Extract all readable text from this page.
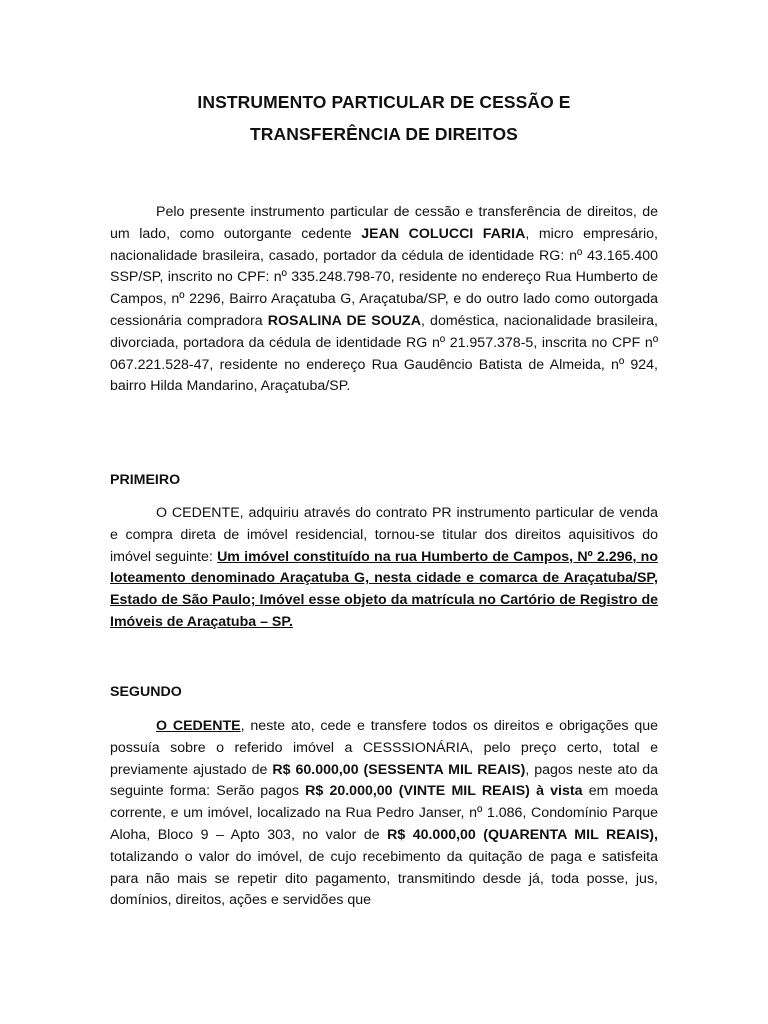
INSTRUMENTO PARTICULAR DE CESSÃO E
TRANSFERÊNCIA DE DIREITOS

Pelo presente instrumento particular de cessão e transferência de direitos, de um lado, como outorgante cedente JEAN COLUCCI FARIA, micro empresário, nacionalidade brasileira, casado, portador da cédula de identidade RG: nº 43.165.400 SSP/SP, inscrito no CPF: nº 335.248.798-70, residente no endereço Rua Humberto de Campos, nº 2296, Bairro Araçatuba G, Araçatuba/SP, e do outro lado como outorgada cessionária compradora ROSALINA DE SOUZA, doméstica, nacionalidade brasileira, divorciada, portadora da cédula de identidade RG nº 21.957.378-5, inscrita no CPF nº 067.221.528-47, residente no endereço Rua Gaudêncio Batista de Almeida, nº 924, bairro Hilda Mandarino, Araçatuba/SP.

PRIMEIRO

O CEDENTE, adquiriu através do contrato PR instrumento particular de venda e compra direta de imóvel residencial, tornou-se titular dos direitos aquisitivos do imóvel seguinte: Um imóvel constituído na rua Humberto de Campos, Nº 2.296, no loteamento denominado Araçatuba G, nesta cidade e comarca de Araçatuba/SP, Estado de São Paulo; Imóvel esse objeto da matrícula no Cartório de Registro de Imóveis de Araçatuba – SP.

SEGUNDO

O CEDENTE, neste ato, cede e transfere todos os direitos e obrigações que possuía sobre o referido imóvel a CESSSIONÁRIA, pelo preço certo, total e previamente ajustado de R$ 60.000,00 (SESSENTA MIL REAIS), pagos neste ato da seguinte forma: Serão pagos R$ 20.000,00 (VINTE MIL REAIS) à vista em moeda corrente, e um imóvel, localizado na Rua Pedro Janser, nº 1.086, Condomínio Parque Aloha, Bloco 9 – Apto 303, no valor de R$ 40.000,00 (QUARENTA MIL REAIS), totalizando o valor do imóvel, de cujo recebimento da quitação de paga e satisfeita para não mais se repetir dito pagamento, transmitindo desde já, toda posse, jus, domínios, direitos, ações e servidões que
